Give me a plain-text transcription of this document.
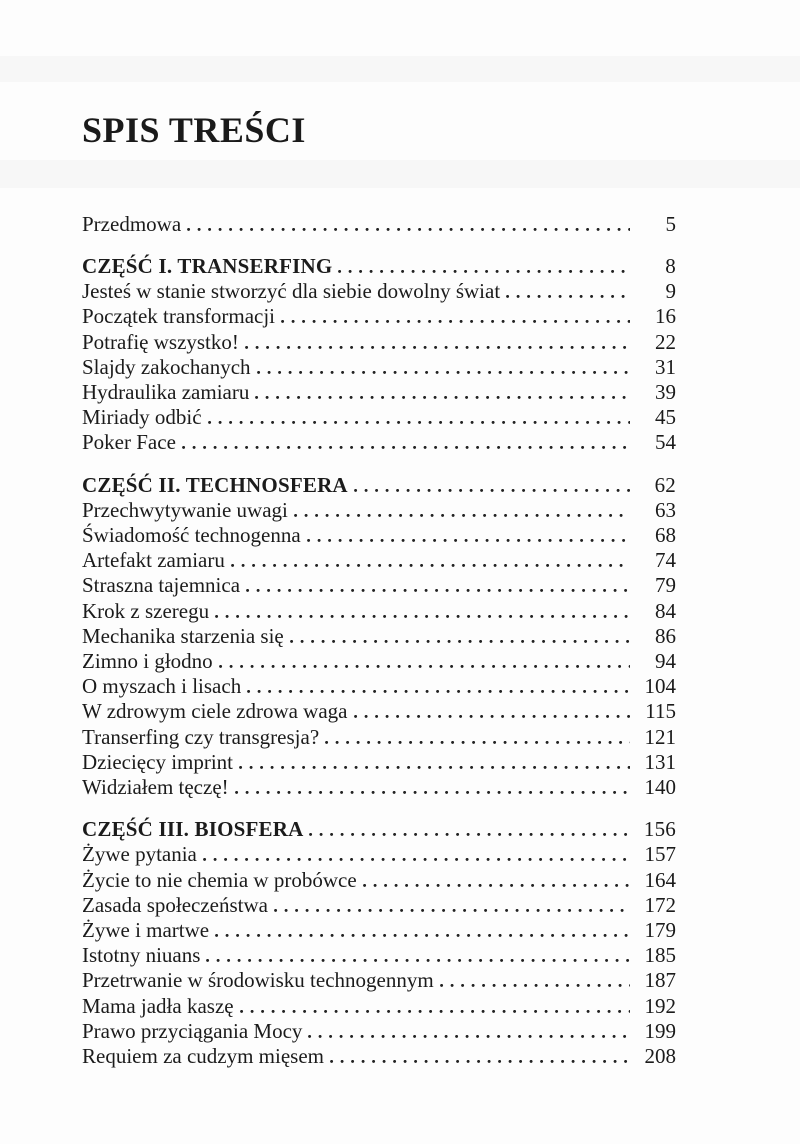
SPIS TREŚCI
Przedmowa	5
CZĘŚĆ I. TRANSERFING	8
Jesteś w stanie stworzyć dla siebie dowolny świat	9
Początek transformacji	16
Potrafię wszystko!	22
Slajdy zakochanych	31
Hydraulika zamiaru	39
Miriady odbić	45
Poker Face	54
CZĘŚĆ II. TECHNOSFERA	62
Przechwytywanie uwagi	63
Świadomość technogenna	68
Artefakt zamiaru	74
Straszna tajemnica	79
Krok z szeregu	84
Mechanika starzenia się	86
Zimno i głodno	94
O myszach i lisach	104
W zdrowym ciele zdrowa waga	115
Transerfing czy transgresja?	121
Dziecięcy imprint	131
Widziałem tęczę!	140
CZĘŚĆ III. BIOSFERA	156
Żywe pytania	157
Życie to nie chemia w probówce	164
Zasada społeczeństwa	172
Żywe i martwe	179
Istotny niuans	185
Przetrwanie w środowisku technogennym	187
Mama jadła kaszę	192
Prawo przyciągania Mocy	199
Requiem za cudzym mięsem	208
